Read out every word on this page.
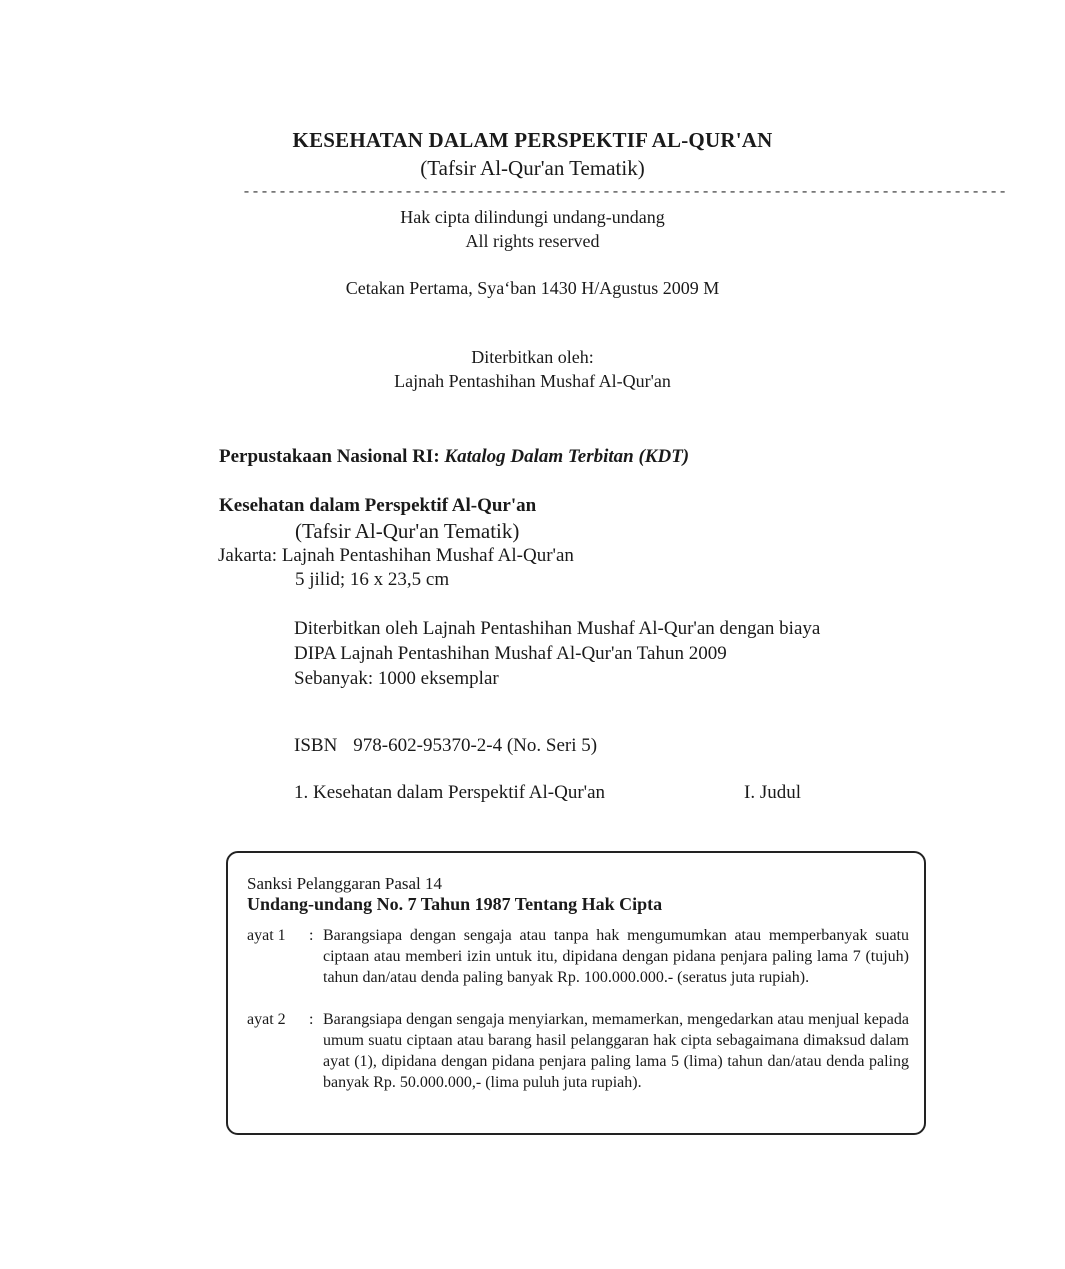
KESEHATAN DALAM PERSPEKTIF AL-QUR'AN
(Tafsir Al-Qur'an Tematik)
-------------------------------------------------------------------------------------
Hak cipta dilindungi undang-undang
All rights reserved
Cetakan Pertama, Sya‘ban 1430 H/Agustus 2009 M
Diterbitkan oleh:
Lajnah Pentashihan Mushaf Al-Qur'an
Perpustakaan Nasional RI: Katalog Dalam Terbitan (KDT)
Kesehatan dalam Perspektif Al-Qur'an
(Tafsir Al-Qur'an Tematik)
Jakarta: Lajnah Pentashihan Mushaf Al-Qur'an
5 jilid; 16 x 23,5 cm
Diterbitkan oleh Lajnah Pentashihan Mushaf Al-Qur'an dengan biaya
DIPA Lajnah Pentashihan Mushaf Al-Qur'an Tahun 2009
Sebanyak: 1000 eksemplar
ISBN 978-602-95370-2-4 (No. Seri 5)
1. Kesehatan dalam Perspektif Al-Qur'an	I. Judul
Sanksi Pelanggaran Pasal 14
Undang-undang No. 7 Tahun 1987 Tentang Hak Cipta
ayat 1 : Barangsiapa dengan sengaja atau tanpa hak mengumumkan atau memperbanyak suatu ciptaan atau memberi izin untuk itu, dipidana dengan pidana penjara paling lama 7 (tujuh) tahun dan/atau denda paling banyak Rp. 100.000.000.- (seratus juta rupiah).
ayat 2 : Barangsiapa dengan sengaja menyiarkan, memamerkan, mengedarkan atau menjual kepada umum suatu ciptaan atau barang hasil pelanggaran hak cipta sebagaimana dimaksud dalam ayat (1), dipidana dengan pidana penjara paling lama 5 (lima) tahun dan/atau denda paling banyak Rp. 50.000.000,- (lima puluh juta rupiah).
